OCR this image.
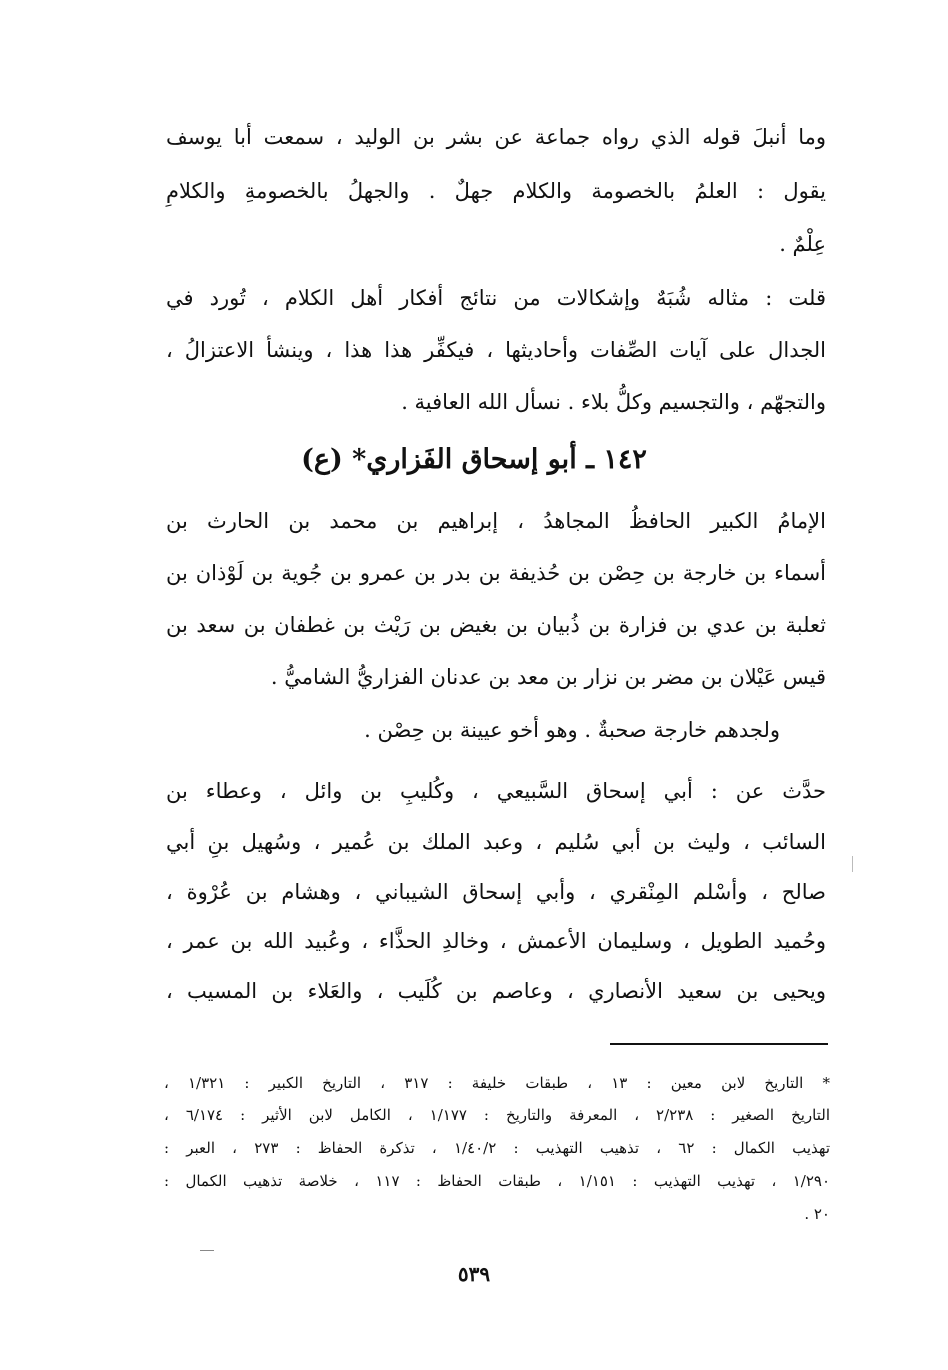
وما أنبلَ قوله الذي رواه جماعة عن بشر بن الوليد ، سمعت أبا يوسف
يقول : العلمُ بالخصومة والكلام جهلٌ . والجهلُ بالخصومةِ والكلامِ
عِلْمٌ .
قلت : مثاله شُبَهٌ وإشكالات من نتائج أفكار أهل الكلام ، تُورد في
الجدال على آيات الصِّفات وأحاديثها ، فيكفِّر هذا هذا ، وينشأ الاعتزالُ ،
والتجهّم ، والتجسيم وكلُّ بلاء . نسأل الله العافية .
١٤٢ ـ أبو إسحاق الفَزاري* (ع)
الإمامُ الكبير الحافظُ المجاهدُ ، إبراهيم بن محمد بن الحارث بن
أسماء بن خارجة بن حِصْن بن حُذيفة بن بدر بن عمرو بن جُوية بن لَوْذان بن
ثعلبة بن عدي بن فزارة بن ذُبيان بن بغيض بن رَيْث بن غطفان بن سعد بن
قيس عَيْلان بن مضر بن نزار بن معد بن عدنان الفزاريُّ الشاميُّ .
ولجدهم خارجة صحبةٌ . وهو أخو عيينة بن حِصْن .
حدَّث عن : أبي إسحاق السَّبيعي ، وكُليبِ بن وائل ، وعطاء بن
السائب ، وليث بن أبي سُليم ، وعبد الملك بن عُمير ، وسُهيل بنِ أبي
صالح ، وأسْلم المِنْقري ، وأبي إسحاق الشيباني ، وهشام بن عُرْوة ،
وحُميد الطويل ، وسليمان الأعمش ، وخالدِ الحذَّاء ، وعُبيد الله بن عمر ،
ويحيى بن سعيد الأنصاري ، وعاصم بن كُلَيب ، والعَلاء بن المسيب ،
* التاريخ لابن معين : ١٣ ، طبقات خليفة : ٣١٧ ، التاريخ الكبير : ١/٣٢١ ،
التاريخ الصغير : ٢/٢٣٨ ، المعرفة والتاريخ : ١/١٧٧ ، الكامل لابن الأثير : ٦/١٧٤ ،
تهذيب الكمال : ٦٢ ، تذهيب التهذيب : ١/٤٠/٢ ، تذكرة الحفاظ : ٢٧٣ ، العبر :
١/٢٩٠ ، تهذيب التهذيب : ١/١٥١ ، طبقات الحفاظ : ١١٧ ، خلاصة تذهيب الكمال :
٢٠ .
٥٣٩
